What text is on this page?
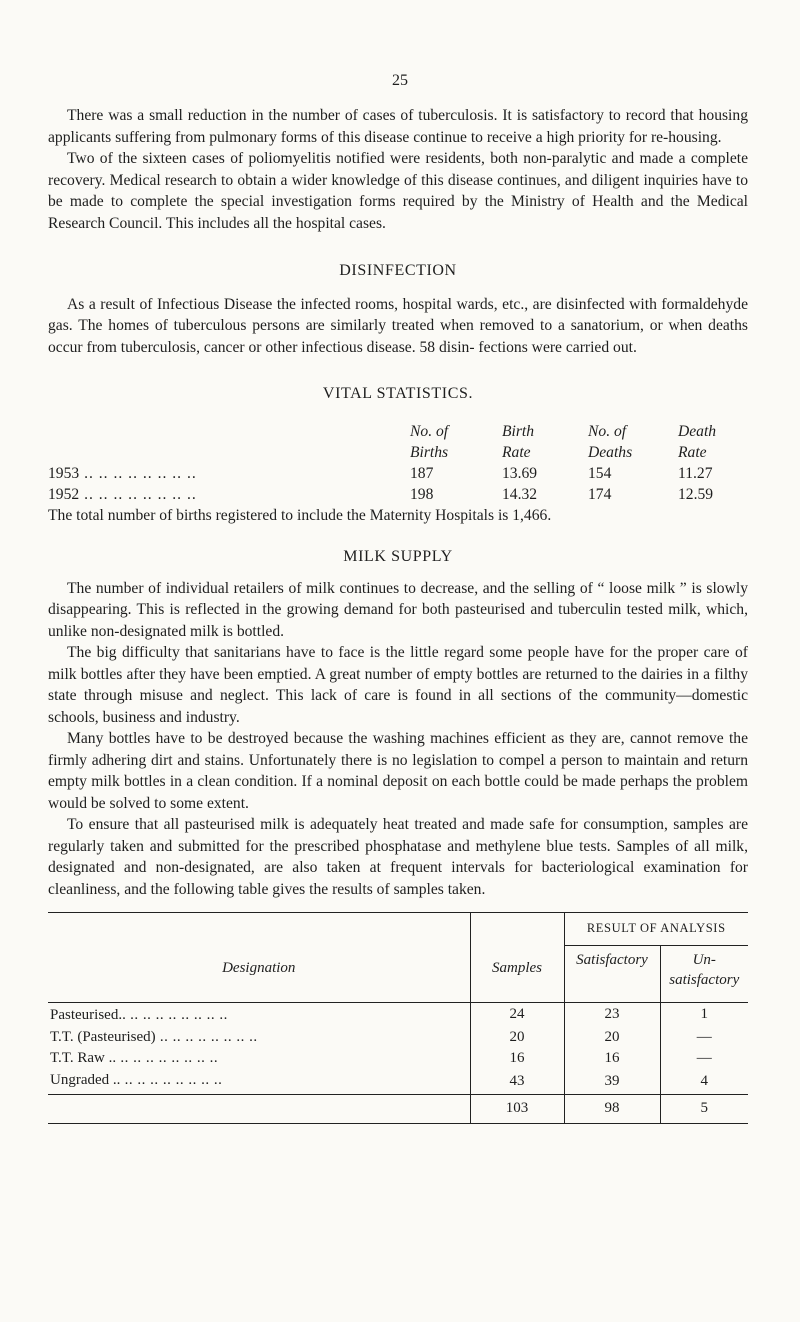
25

There was a small reduction in the number of cases of tuberculosis. It is satisfactory to record that housing applicants suffering from pulmonary forms of this disease continue to receive a high priority for re-housing.

Two of the sixteen cases of poliomyelitis notified were residents, both non-paralytic and made a complete recovery. Medical research to obtain a wider knowledge of this disease continues, and diligent inquiries have to be made to complete the special investigation forms required by the Ministry of Health and the Medical Research Council. This includes all the hospital cases.

DISINFECTION

As a result of Infectious Disease the infected rooms, hospital wards, etc., are disinfected with formaldehyde gas. The homes of tuberculous persons are similarly treated when removed to a sanatorium, or when deaths occur from tuberculosis, cancer or other infectious disease. 58 disin- fections were carried out.

VITAL STATISTICS.
	No. of	Birth	No. of	Death
	Births	Rate	Deaths	Rate
1953 .. ..	187	13.69	154	11.27
1952 .. ..	198	14.32	174	12.59

The total number of births registered to include the Maternity Hospitals is 1,466.

MILK SUPPLY

The number of individual retailers of milk continues to decrease, and the selling of “ loose milk ” is slowly disappearing. This is reflected in the growing demand for both pasteurised and tuberculin tested milk, which, unlike non-designated milk is bottled.

The big difficulty that sanitarians have to face is the little regard some people have for the proper care of milk bottles after they have been emptied. A great number of empty bottles are returned to the dairies in a filthy state through misuse and neglect. This lack of care is found in all sections of the community—domestic schools, business and industry.

Many bottles have to be destroyed because the washing machines efficient as they are, cannot remove the firmly adhering dirt and stains. Unfortunately there is no legislation to compel a person to maintain and return empty milk bottles in a clean condition. If a nominal deposit on each bottle could be made perhaps the problem would be solved to some extent.

To ensure that all pasteurised milk is adequately heat treated and made safe for consumption, samples are regularly taken and submitted for the prescribed phosphatase and methylene blue tests. Samples of all milk, designated and non-designated, are also taken at frequent intervals for bacteriological examination for cleanliness, and the following table gives the results of samples taken.

Designation	Samples	RESULT OF ANALYSIS	
		Satisfactory	Un-
satisfactory
Pasteurised.. .. ..	24	23	1
T.T. (Pasteurised) .. ..	20	20	—
T.T. Raw .. .. ..	16	16	—
Ungraded .. .. ..	43	39	4
	103	98	5
